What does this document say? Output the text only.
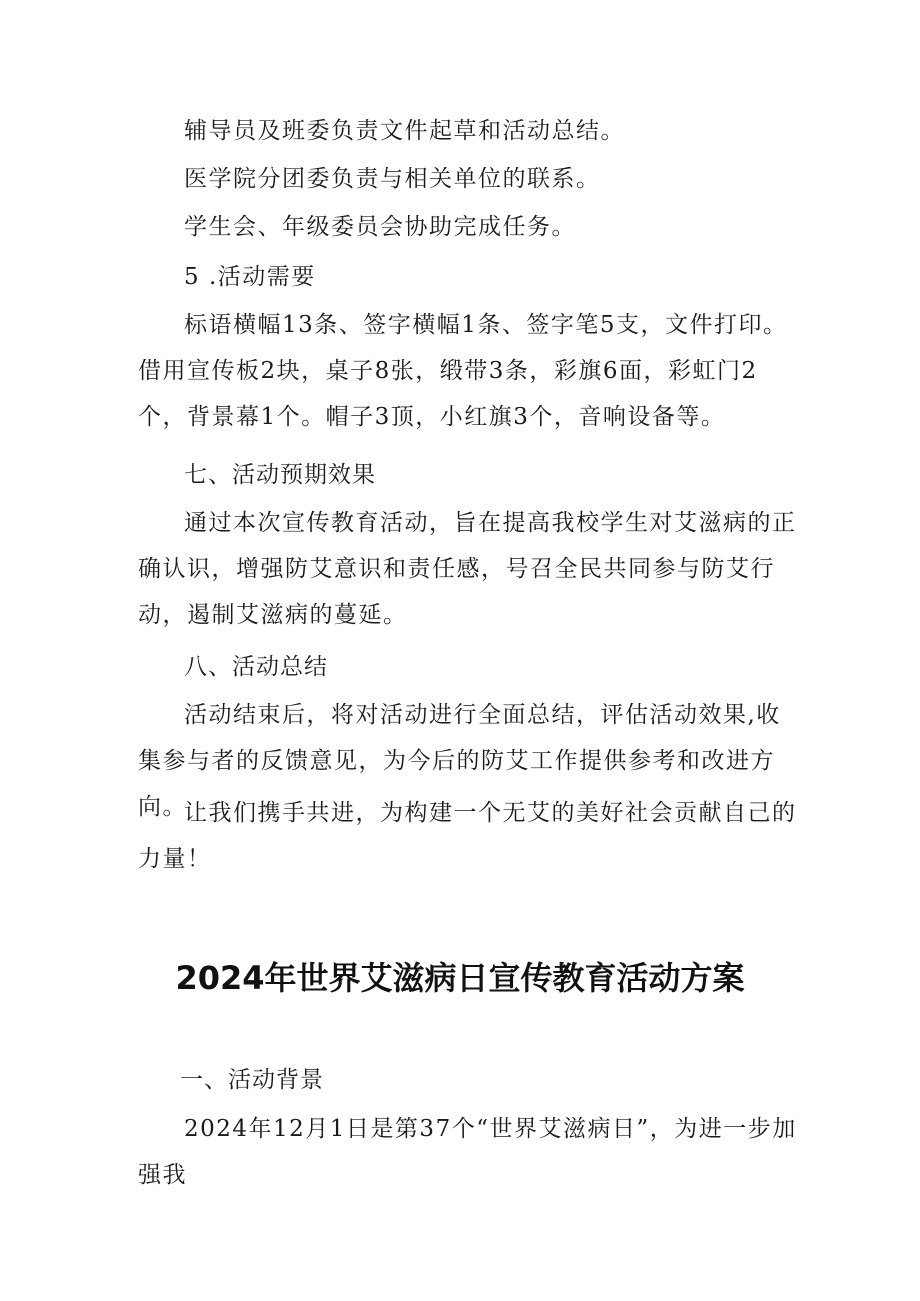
辅导员及班委负责文件起草和活动总结。

医学院分团委负责与相关单位的联系。

学生会、年级委员会协助完成任务。

5 .活动需要

标语横幅13条、签字横幅1条、签字笔5支，文件打印。借用宣传板2块，桌子8张，缎带3条，彩旗6面，彩虹门2个，背景幕1个。帽子3顶，小红旗3个，音响设备等。

七、活动预期效果

通过本次宣传教育活动，旨在提高我校学生对艾滋病的正确认识，增强防艾意识和责任感，号召全民共同参与防艾行动，遏制艾滋病的蔓延。

八、活动总结

活动结束后，将对活动进行全面总结，评估活动效果,收集参与者的反馈意见，为今后的防艾工作提供参考和改进方向。

让我们携手共进，为构建一个无艾的美好社会贡献自己的力量！

2024年世界艾滋病日宣传教育活动方案

一、活动背景

2024年12月1日是第37个“世界艾滋病日”，为进一步加强我
